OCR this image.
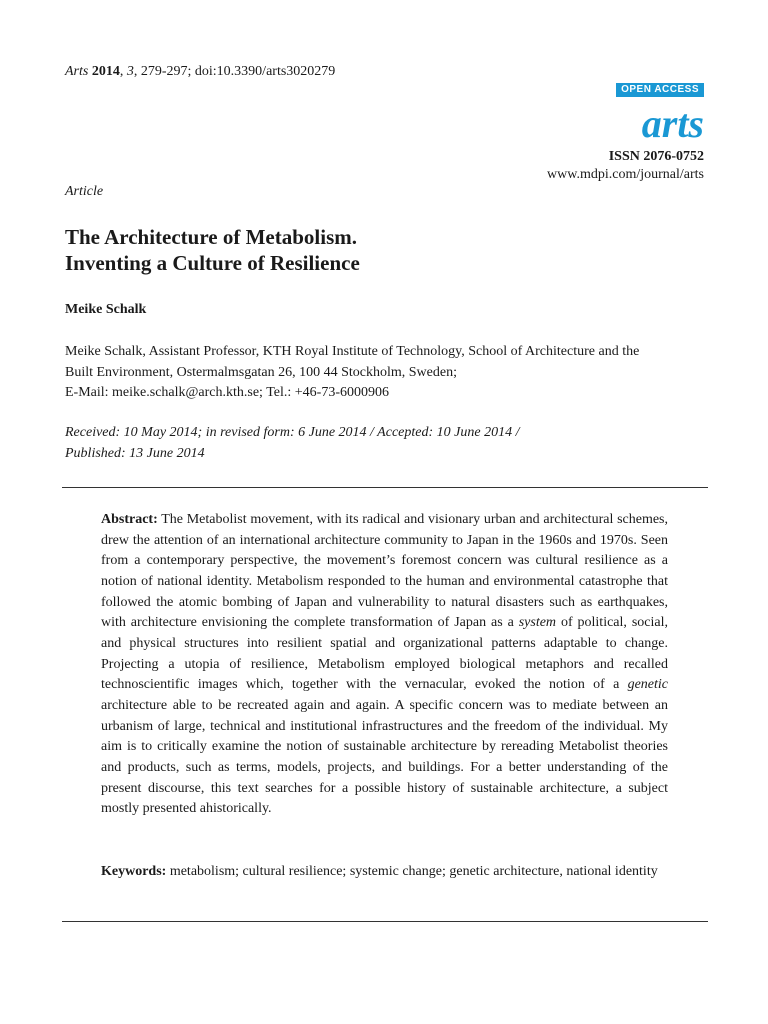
Arts 2014, 3, 279-297; doi:10.3390/arts3020279
OPEN ACCESS
arts
ISSN 2076-0752
www.mdpi.com/journal/arts
Article
The Architecture of Metabolism.
Inventing a Culture of Resilience
Meike Schalk
Meike Schalk, Assistant Professor, KTH Royal Institute of Technology, School of Architecture and the
Built Environment, Ostermalmsgatan 26, 100 44 Stockholm, Sweden;
E-Mail: meike.schalk@arch.kth.se; Tel.: +46-73-6000906
Received: 10 May 2014; in revised form: 6 June 2014 / Accepted: 10 June 2014 /
Published: 13 June 2014
Abstract: The Metabolist movement, with its radical and visionary urban and architectural schemes, drew the attention of an international architecture community to Japan in the 1960s and 1970s. Seen from a contemporary perspective, the movement’s foremost concern was cultural resilience as a notion of national identity. Metabolism responded to the human and environmental catastrophe that followed the atomic bombing of Japan and vulnerability to natural disasters such as earthquakes, with architecture envisioning the complete transformation of Japan as a system of political, social, and physical structures into resilient spatial and organizational patterns adaptable to change. Projecting a utopia of resilience, Metabolism employed biological metaphors and recalled technoscientific images which, together with the vernacular, evoked the notion of a genetic architecture able to be recreated again and again. A specific concern was to mediate between an urbanism of large, technical and institutional infrastructures and the freedom of the individual. My aim is to critically examine the notion of sustainable architecture by rereading Metabolist theories and products, such as terms, models, projects, and buildings. For a better understanding of the present discourse, this text searches for a possible history of sustainable architecture, a subject mostly presented ahistorically.
Keywords: metabolism; cultural resilience; systemic change; genetic architecture, national identity
